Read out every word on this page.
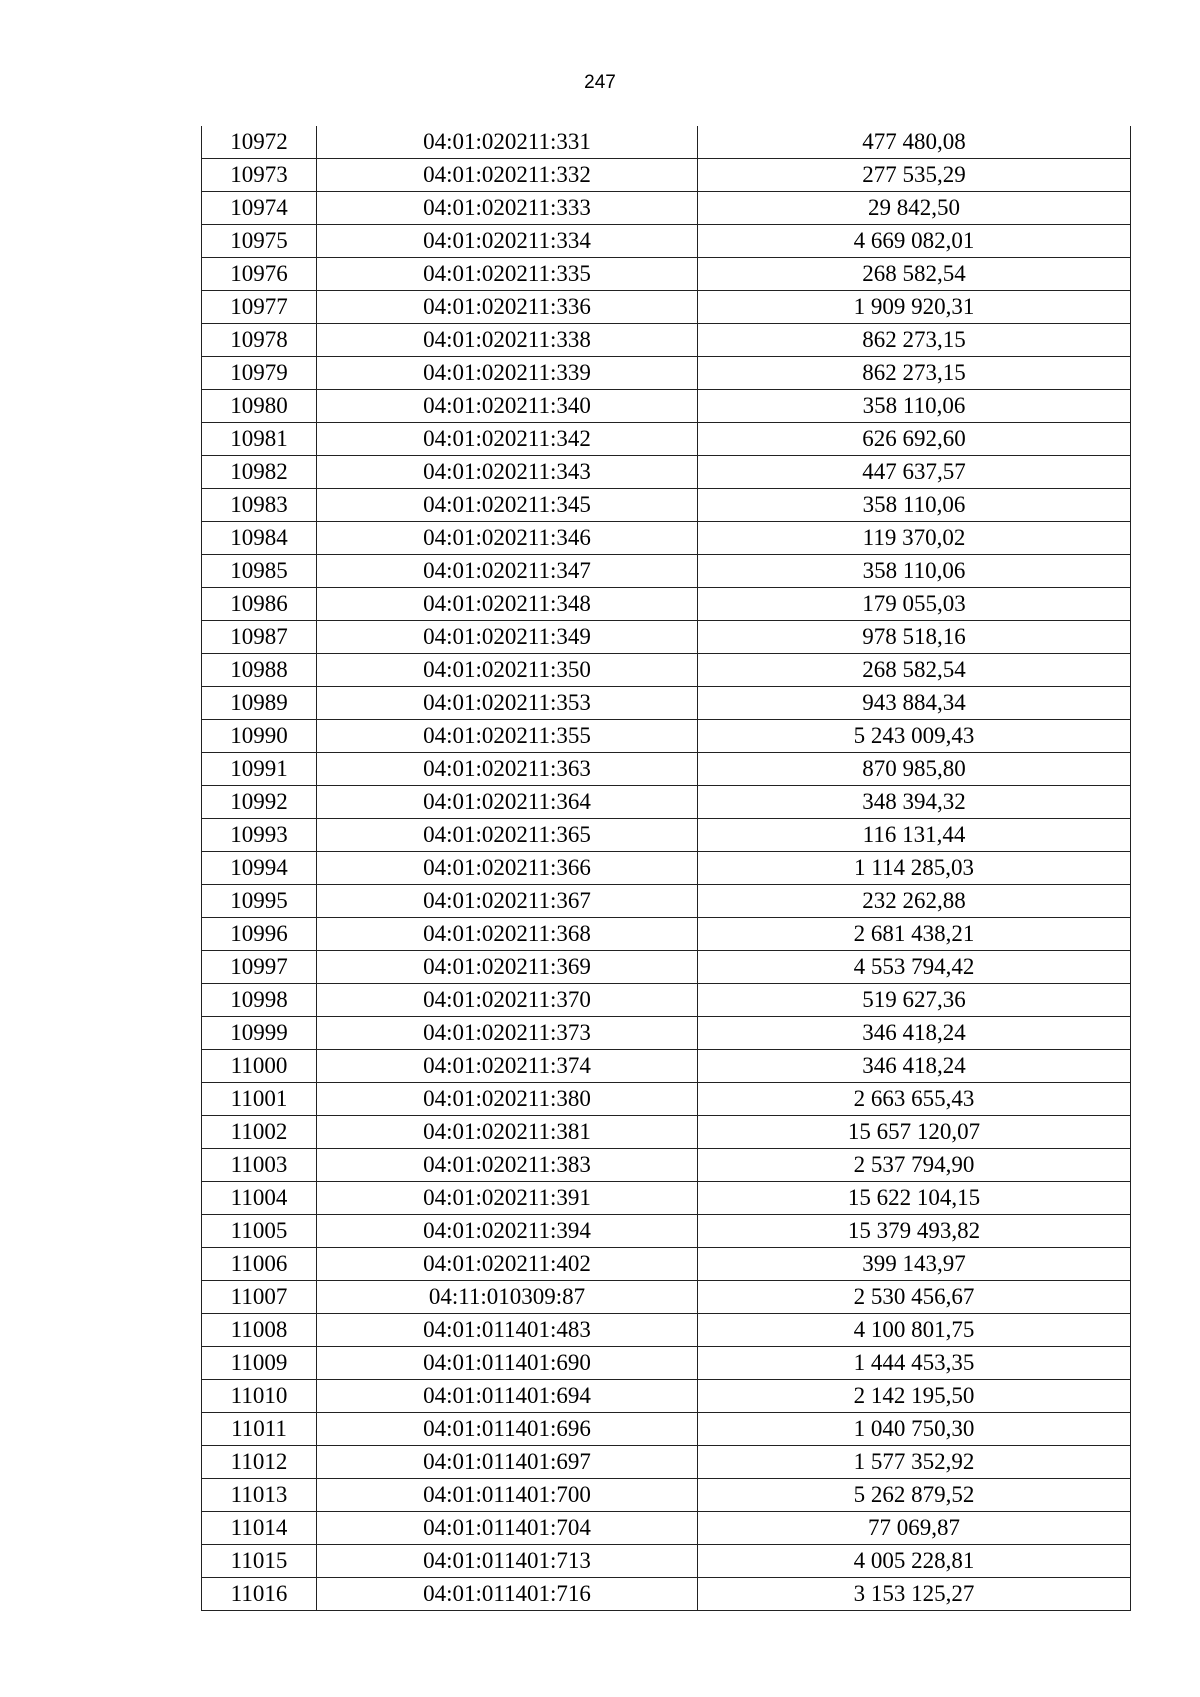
247
10972	04:01:020211:331	477 480,08
10973	04:01:020211:332	277 535,29
10974	04:01:020211:333	29 842,50
10975	04:01:020211:334	4 669 082,01
10976	04:01:020211:335	268 582,54
10977	04:01:020211:336	1 909 920,31
10978	04:01:020211:338	862 273,15
10979	04:01:020211:339	862 273,15
10980	04:01:020211:340	358 110,06
10981	04:01:020211:342	626 692,60
10982	04:01:020211:343	447 637,57
10983	04:01:020211:345	358 110,06
10984	04:01:020211:346	119 370,02
10985	04:01:020211:347	358 110,06
10986	04:01:020211:348	179 055,03
10987	04:01:020211:349	978 518,16
10988	04:01:020211:350	268 582,54
10989	04:01:020211:353	943 884,34
10990	04:01:020211:355	5 243 009,43
10991	04:01:020211:363	870 985,80
10992	04:01:020211:364	348 394,32
10993	04:01:020211:365	116 131,44
10994	04:01:020211:366	1 114 285,03
10995	04:01:020211:367	232 262,88
10996	04:01:020211:368	2 681 438,21
10997	04:01:020211:369	4 553 794,42
10998	04:01:020211:370	519 627,36
10999	04:01:020211:373	346 418,24
11000	04:01:020211:374	346 418,24
11001	04:01:020211:380	2 663 655,43
11002	04:01:020211:381	15 657 120,07
11003	04:01:020211:383	2 537 794,90
11004	04:01:020211:391	15 622 104,15
11005	04:01:020211:394	15 379 493,82
11006	04:01:020211:402	399 143,97
11007	04:11:010309:87	2 530 456,67
11008	04:01:011401:483	4 100 801,75
11009	04:01:011401:690	1 444 453,35
11010	04:01:011401:694	2 142 195,50
11011	04:01:011401:696	1 040 750,30
11012	04:01:011401:697	1 577 352,92
11013	04:01:011401:700	5 262 879,52
11014	04:01:011401:704	77 069,87
11015	04:01:011401:713	4 005 228,81
11016	04:01:011401:716	3 153 125,27
